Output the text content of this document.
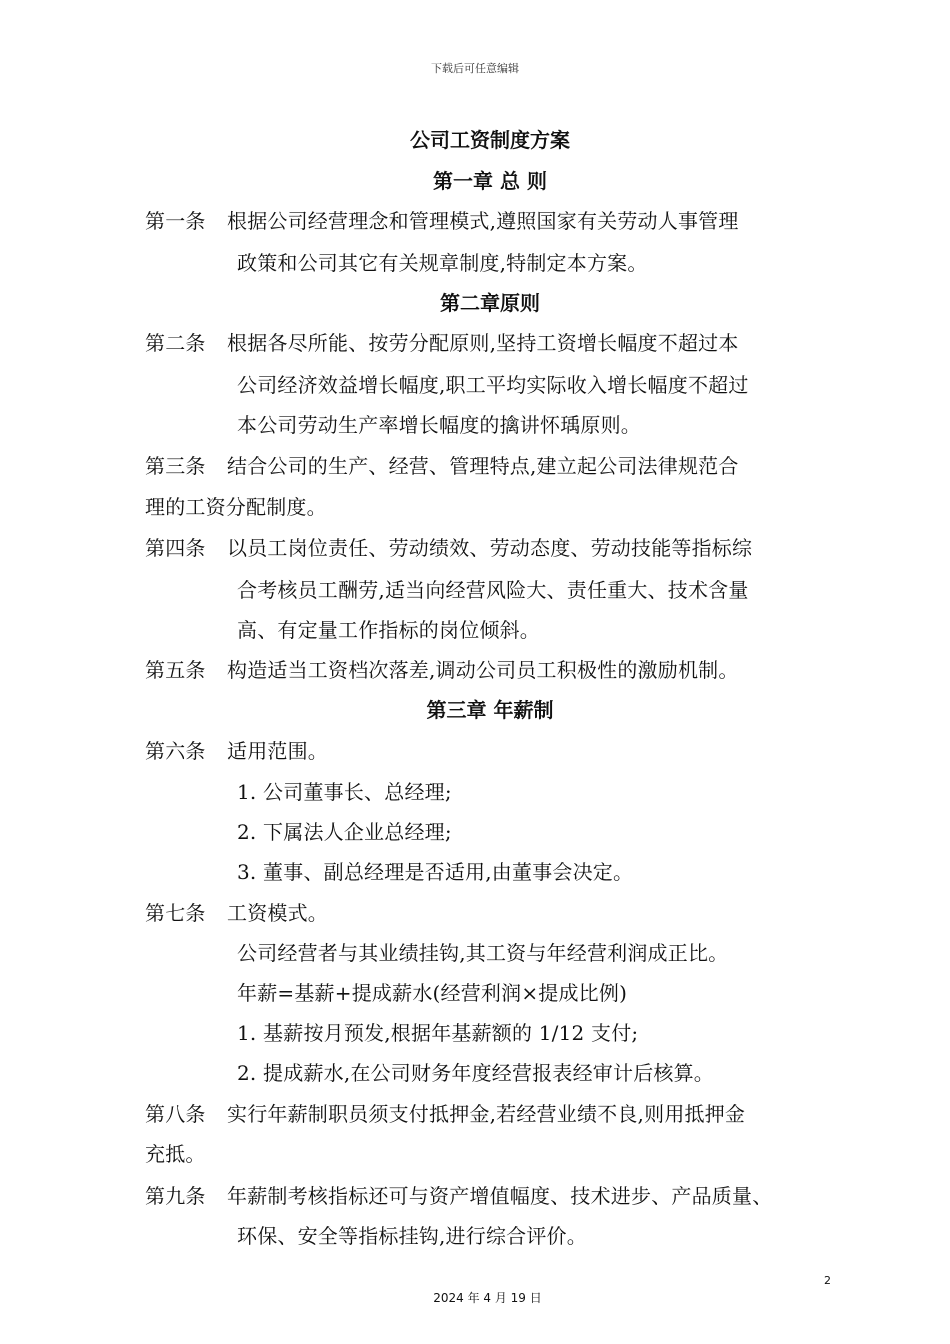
下载后可任意编辑
公司工资制度方案
第一章 总 则
第一条 根据公司经营理念和管理模式,遵照国家有关劳动人事管理
政策和公司其它有关规章制度,特制定本方案。
第二章原则
第二条 根据各尽所能、按劳分配原则,坚持工资增长幅度不超过本
公司经济效益增长幅度,职工平均实际收入增长幅度不超过
本公司劳动生产率增长幅度的擒讲怀瑀原则。
第三条 结合公司的生产、经营、管理特点,建立起公司法律规范合
理的工资分配制度。
第四条 以员工岗位责任、劳动绩效、劳动态度、劳动技能等指标综
合考核员工酬劳,适当向经营风险大、责任重大、技术含量
高、有定量工作指标的岗位倾斜。
第五条 构造适当工资档次落差,调动公司员工积极性的激励机制。
第三章 年薪制
第六条 适用范围。
1. 公司董事长、总经理;
2. 下属法人企业总经理;
3. 董事、副总经理是否适用,由董事会决定。
第七条 工资模式。
公司经营者与其业绩挂钩,其工资与年经营利润成正比。
年薪=基薪+提成薪水(经营利润×提成比例)
1. 基薪按月预发,根据年基薪额的 1/12 支付;
2. 提成薪水,在公司财务年度经营报表经审计后核算。
第八条 实行年薪制职员须支付抵押金,若经营业绩不良,则用抵押金
充抵。
第九条 年薪制考核指标还可与资产增值幅度、技术进步、产品质量、
环保、安全等指标挂钩,进行综合评价。
2
2024 年 4 月 19 日
